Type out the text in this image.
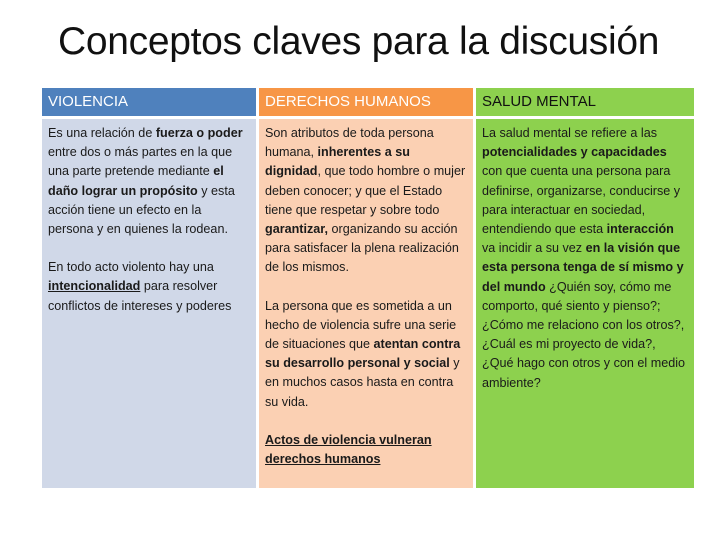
Conceptos claves para la discusión
VIOLENCIA	DERECHOS HUMANOS	SALUD MENTAL

Es una relación de fuerza o poder entre dos o más partes en la que una parte pretende mediante el daño lograr un propósito y esta acción tiene un efecto en la persona y en quienes la rodean.

En todo acto violento hay una intencionalidad para resolver conflictos de intereses y poderes

Son atributos de toda persona humana, inherentes a su dignidad, que todo hombre o mujer deben conocer; y que el Estado tiene que respetar y sobre todo garantizar, organizando su acción para satisfacer la plena realización de los mismos.

La persona que es sometida a un hecho de violencia sufre una serie de situaciones que atentan contra su desarrollo personal y social y en muchos casos hasta en contra su vida.

Actos de violencia vulneran derechos humanos

La salud mental se refiere a las potencialidades y capacidades con que cuenta una persona para definirse, organizarse, conducirse y para interactuar en sociedad, entendiendo que esta interacción va incidir a su vez en la visión que esta persona tenga de sí mismo y del mundo ¿Quién soy, cómo me comporto, qué siento y pienso?; ¿Cómo me relaciono con los otros?, ¿Cuál es mi proyecto de vida?, ¿Qué hago con otros y con el medio ambiente?
